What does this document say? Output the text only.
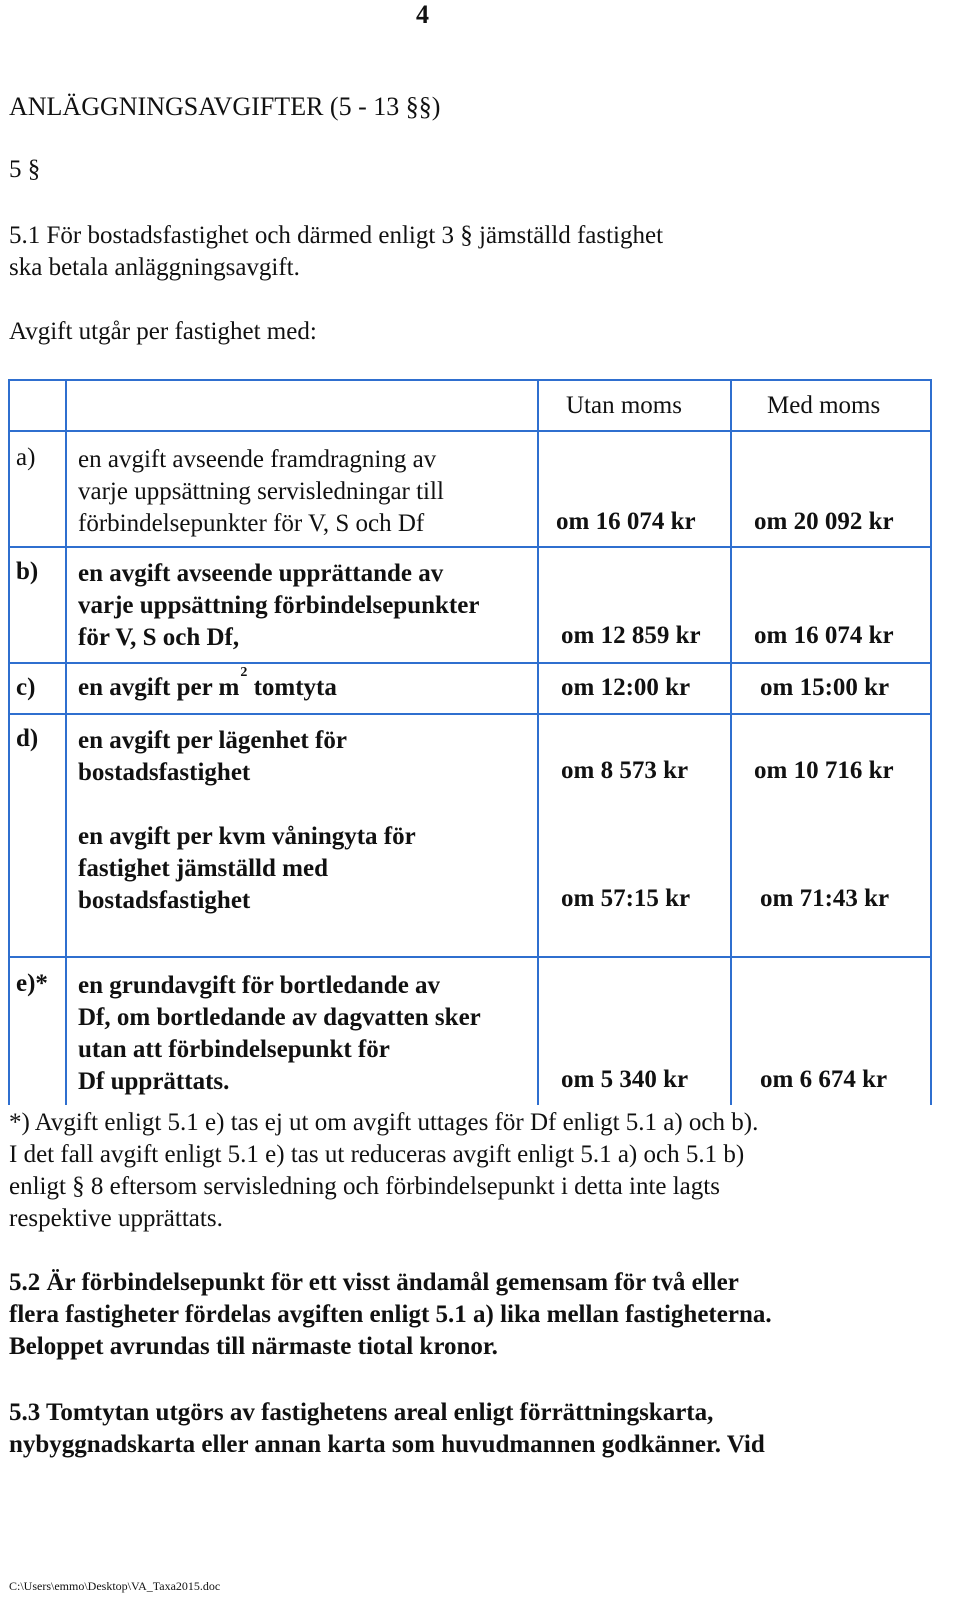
4
ANLÄGGNINGSAVGIFTER (5 - 13 §§)
5 §
5.1 För bostadsfastighet och därmed enligt 3 § jämställd fastighet
ska betala anläggningsavgift.
Avgift utgår per fastighet med:
Utan moms	Med moms
a) en avgift avseende framdragning av
varje uppsättning servisledningar till
förbindelsepunkter för V, S och Df	om 16 074 kr om 20 092 kr
b) en avgift avseende upprättande av
varje uppsättning förbindelsepunkter
för V, S och Df,	om 12 859 kr om 16 074 kr
c) en avgift per $m^2$ tomtyta	om 12:00 kr	om 15:00 kr
d) en avgift per lägenhet för
bostadsfastighet	om 8 573 kr	om 10 716 kr
en avgift per kvm våningyta för
fastighet jämställd med
bostadsfastighet	om 57:15 kr	om 71:43 kr
e)* en grundavgift för bortledande av
Df, om bortledande av dagvatten sker
utan att förbindelsepunkt för
Df upprättats.	om 5 340 kr	om 6 674 kr
*) Avgift enligt 5.1 e) tas ej ut om avgift uttages för Df enligt 5.1 a) och b).
I det fall avgift enligt 5.1 e) tas ut reduceras avgift enligt 5.1 a) och 5.1 b)
enligt § 8 eftersom servisledning och förbindelsepunkt i detta inte lagts
respektive upprättats.
5.2 Är förbindelsepunkt för ett visst ändamål gemensam för två eller
flera fastigheter fördelas avgiften enligt 5.1 a) lika mellan fastigheterna.
Beloppet avrundas till närmaste tiotal kronor.
5.3 Tomtytan utgörs av fastighetens areal enligt förrättningskarta,
nybyggnadskarta eller annan karta som huvudmannen godkänner. Vid
C:\Users\emmo\Desktop\VA_Taxa2015.doc
